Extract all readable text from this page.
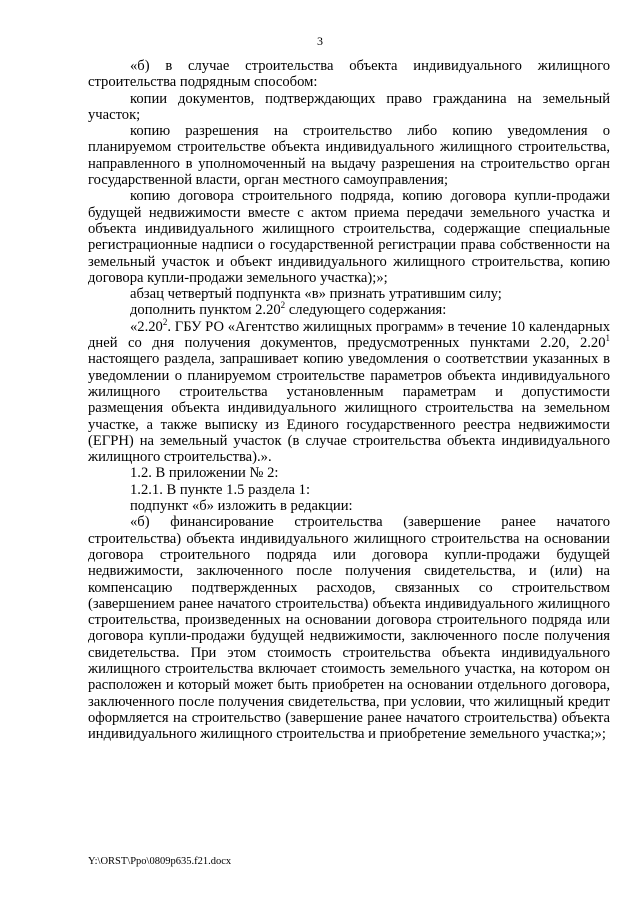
3

«б) в случае строительства объекта индивидуального жилищного строительства подрядным способом:

копии документов, подтверждающих право гражданина на земельный участок;

копию разрешения на строительство либо копию уведомления о планируемом строительстве объекта индивидуального жилищного строительства, направленного в уполномоченный на выдачу разрешения на строительство орган государственной власти, орган местного самоуправления;

копию договора строительного подряда, копию договора купли-продажи будущей недвижимости вместе с актом приема передачи земельного участка и объекта индивидуального жилищного строительства, содержащие специальные регистрационные надписи о государственной регистрации права собственности на земельный участок и объект индивидуального жилищного строительства, копию договора купли-продажи земельного участка);»;

абзац четвертый подпункта «в» признать утратившим силу;

дополнить пунктом 2.20$^2$ следующего содержания:

«2.20$^2$. ГБУ РО «Агентство жилищных программ» в течение 10 календарных дней со дня получения документов, предусмотренных пунктами 2.20, 2.20$^1$ настоящего раздела, запрашивает копию уведомления о соответствии указанных в уведомлении о планируемом строительстве параметров объекта индивидуального жилищного строительства установленным параметрам и допустимости размещения объекта индивидуального жилищного строительства на земельном участке, а также выписку из Единого государственного реестра недвижимости (ЕГРН) на земельный участок (в случае строительства объекта индивидуального жилищного строительства).».

1.2. В приложении № 2:

1.2.1. В пункте 1.5 раздела 1:

подпункт «б» изложить в редакции:

«б) финансирование строительства (завершение ранее начатого строительства) объекта индивидуального жилищного строительства на основании договора строительного подряда или договора купли-продажи будущей недвижимости, заключенного после получения свидетельства, и (или) на компенсацию подтвержденных расходов, связанных со строительством (завершением ранее начатого строительства) объекта индивидуального жилищного строительства, произведенных на основании договора строительного подряда или договора купли-продажи будущей недвижимости, заключенного после получения свидетельства. При этом стоимость строительства объекта индивидуального жилищного строительства включает стоимость земельного участка, на котором он расположен и который может быть приобретен на основании отдельного договора, заключенного после получения свидетельства, при условии, что жилищный кредит оформляется на строительство (завершение ранее начатого строительства) объекта индивидуального жилищного строительства и приобретение земельного участка;»;

Y:\ORST\Ppo\0809p635.f21.docx
